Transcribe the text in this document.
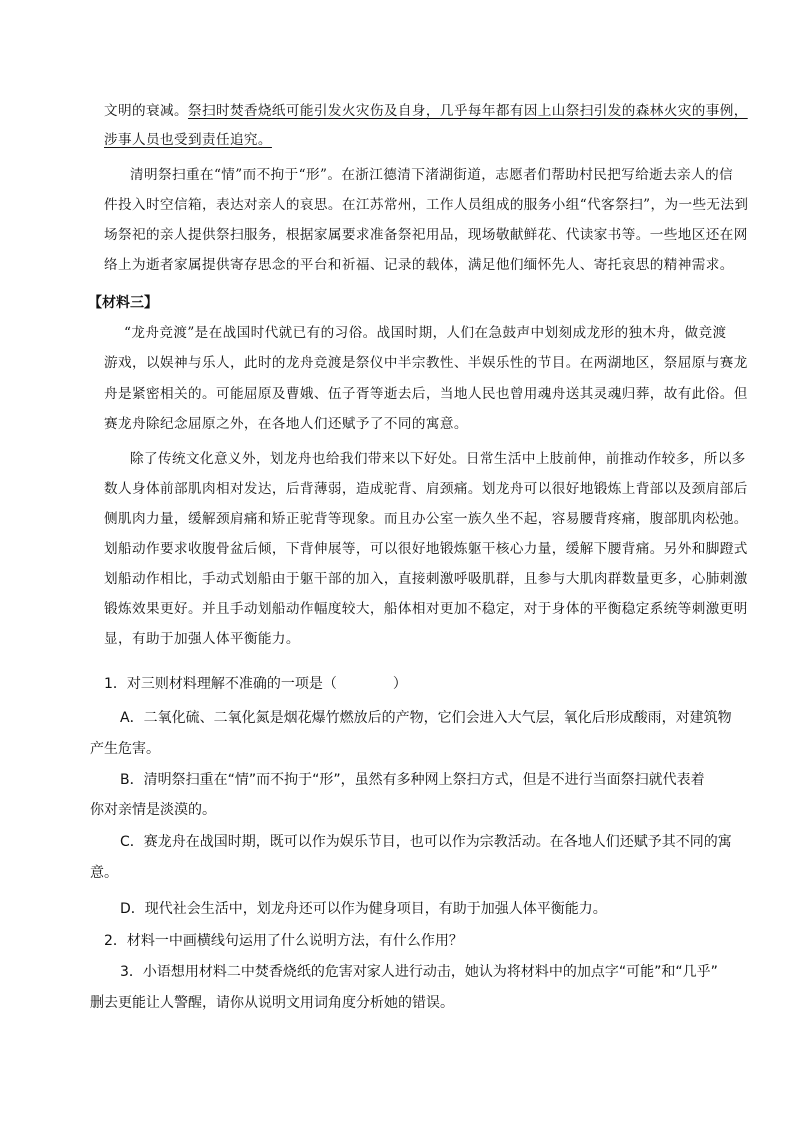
文明的衰减。祭扫时焚香烧纸可能引发火灾伤及自身，几乎每年都有因上山祭扫引发的森林火灾的事例，
涉事人员也受到责任追究。
清明祭扫重在“情”而不拘于“形”。在浙江德清下渚湖街道，志愿者们帮助村民把写给逝去亲人的信
件投入时空信箱，表达对亲人的哀思。在江苏常州，工作人员组成的服务小组“代客祭扫”，为一些无法到
场祭祀的亲人提供祭扫服务，根据家属要求准备祭祀用品，现场敬献鲜花、代读家书等。一些地区还在网
络上为逝者家属提供寄存思念的平台和祈福、记录的载体，满足他们缅怀先人、寄托哀思的精神需求。
【材料三】
“龙舟竞渡”是在战国时代就已有的习俗。战国时期，人们在急鼓声中划刻成龙形的独木舟，做竞渡
游戏，以娱神与乐人，此时的龙舟竞渡是祭仪中半宗教性、半娱乐性的节目。在两湖地区，祭屈原与赛龙
舟是紧密相关的。可能屈原及曹娥、伍子胥等逝去后，当地人民也曾用魂舟送其灵魂归葬，故有此俗。但
赛龙舟除纪念屈原之外，在各地人们还赋予了不同的寓意。
除了传统文化意义外，划龙舟也给我们带来以下好处。日常生活中上肢前伸，前推动作较多，所以多
数人身体前部肌肉相对发达，后背薄弱，造成驼背、肩颈痛。划龙舟可以很好地锻炼上背部以及颈肩部后
侧肌肉力量，缓解颈肩痛和矫正驼背等现象。而且办公室一族久坐不起，容易腰背疼痛，腹部肌肉松弛。
划船动作要求收腹骨盆后倾，下背伸展等，可以很好地锻炼躯干核心力量，缓解下腰背痛。另外和脚蹬式
划船动作相比，手动式划船由于躯干部的加入，直接刺激呼吸肌群，且参与大肌肉群数量更多，心肺刺激
锻炼效果更好。并且手动划船动作幅度较大，船体相对更加不稳定，对于身体的平衡稳定系统等刺激更明
显，有助于加强人体平衡能力。
1．对三则材料理解不准确的一项是（	）
A．二氧化硫、二氧化氮是烟花爆竹燃放后的产物，它们会进入大气层，氧化后形成酸雨，对建筑物
产生危害。
B．清明祭扫重在“情”而不拘于“形”，虽然有多种网上祭扫方式，但是不进行当面祭扫就代表着
你对亲情是淡漠的。
C．赛龙舟在战国时期，既可以作为娱乐节目，也可以作为宗教活动。在各地人们还赋予其不同的寓
意。
D．现代社会生活中，划龙舟还可以作为健身项目，有助于加强人体平衡能力。
2．材料一中画横线句运用了什么说明方法，有什么作用？
3．小语想用材料二中焚香烧纸的危害对家人进行动击，她认为将材料中的加点字“可能”和“几乎”
删去更能让人警醒，请你从说明文用词角度分析她的错误。
